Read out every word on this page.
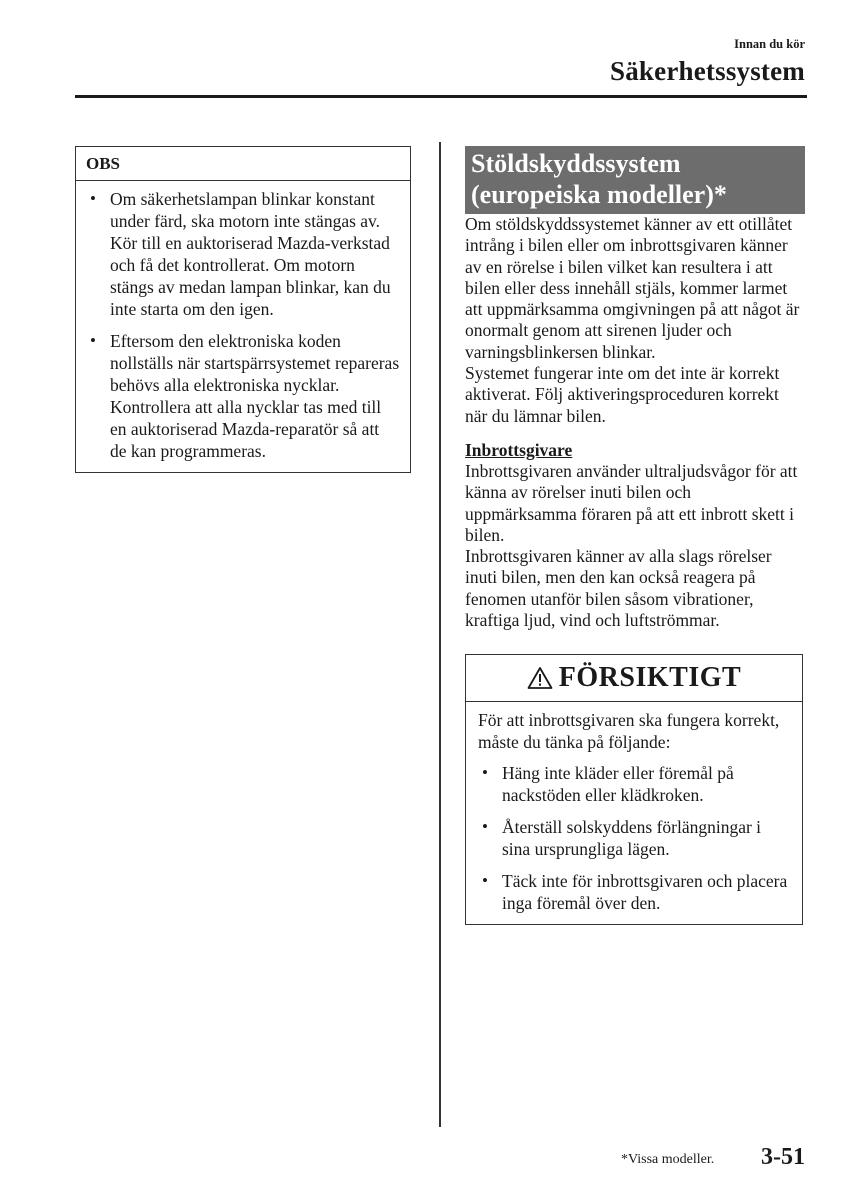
Innan du kör
Säkerhetssystem
OBS
• Om säkerhetslampan blinkar konstant under färd, ska motorn inte stängas av. Kör till en auktoriserad Mazda-verkstad och få det kontrollerat. Om motorn stängs av medan lampan blinkar, kan du inte starta om den igen.
• Eftersom den elektroniska koden nollställs när startspärrsystemet repareras behövs alla elektroniska nycklar. Kontrollera att alla nycklar tas med till en auktoriserad Mazda-reparatör så att de kan programmeras.
Stöldskyddssystem
(europeiska modeller)*

Om stöldskyddssystemet känner av ett otillåtet intrång i bilen eller om inbrottsgivaren känner av en rörelse i bilen vilket kan resultera i att bilen eller dess innehåll stjäls, kommer larmet att uppmärksamma omgivningen på att något är onormalt genom att sirenen ljuder och varningsblinkersen blinkar.

Systemet fungerar inte om det inte är korrekt aktiverat. Följ aktiveringsproceduren korrekt när du lämnar bilen.

Inbrottsgivare

Inbrottsgivaren använder ultraljudsvågor för att känna av rörelser inuti bilen och uppmärksamma föraren på att ett inbrott skett i bilen.

Inbrottsgivaren känner av alla slags rörelser inuti bilen, men den kan också reagera på fenomen utanför bilen såsom vibrationer, kraftiga ljud, vind och luftströmmar.

FÖRSIKTIGT

För att inbrottsgivaren ska fungera korrekt, måste du tänka på följande:

• Häng inte kläder eller föremål på nackstöden eller klädkroken.
• Återställ solskyddens förlängningar i sina ursprungliga lägen.
• Täck inte för inbrottsgivaren och placera inga föremål över den.
*Vissa modeller. 3-51
